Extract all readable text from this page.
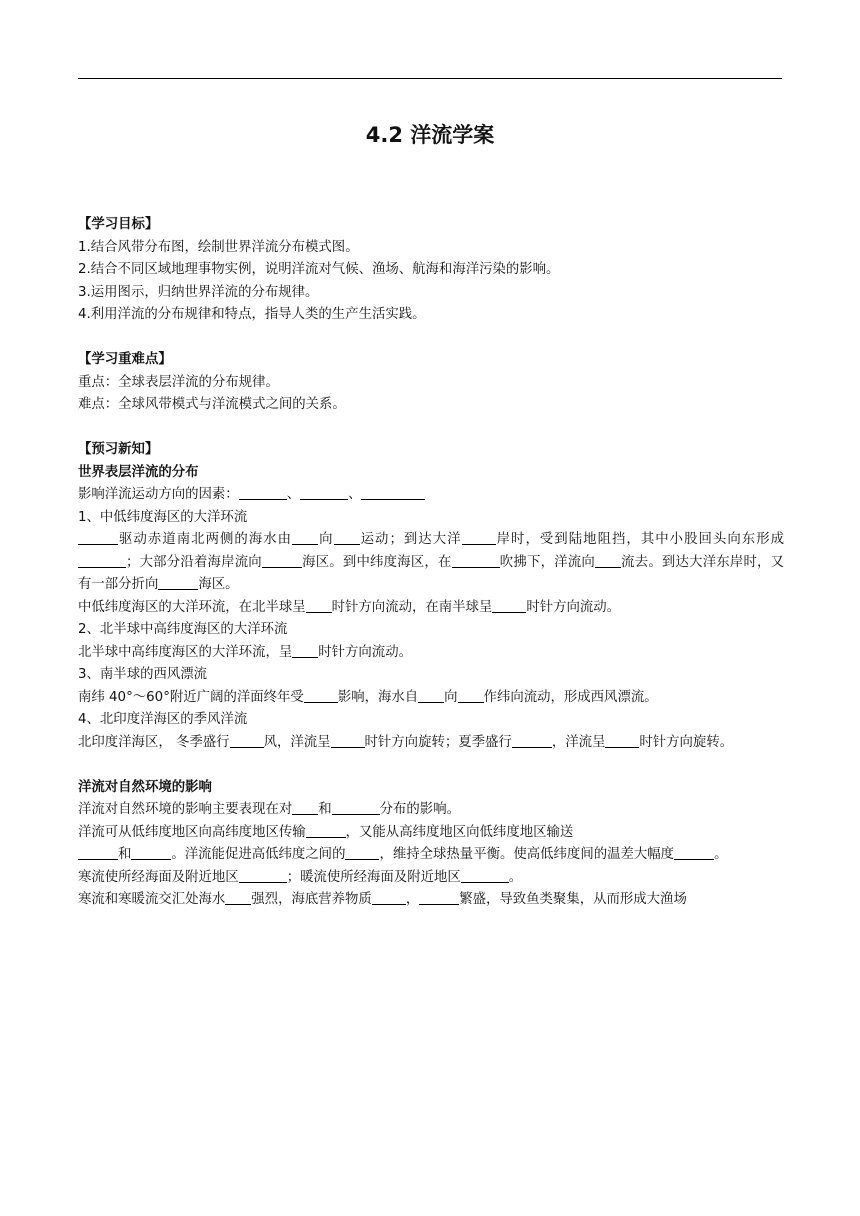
4.2 洋流学案

【学习目标】

1.结合风带分布图，绘制世界洋流分布模式图。

2.结合不同区域地理事物实例，说明洋流对气候、渔场、航海和海洋污染的影响。

3.运用图示，归纳世界洋流的分布规律。

4.利用洋流的分布规律和特点，指导人类的生产生活实践。

【学习重难点】

重点：全球表层洋流的分布规律。

难点：全球风带模式与洋流模式之间的关系。

【预习新知】

世界表层洋流的分布

影响洋流运动方向的因素：	、	、

1、中低纬度海区的大洋环流

驱动赤道南北两侧的海水由 向 运动；到达大洋	岸时，受到陆地阻挡，其中小股回头向东形成；大部分沿着海岸流向	海区。到中纬度海区，在	吹拂下，洋流向 流去。到达大洋东岸时，又有一部分折向	海区。

中低纬度海区的大洋环流，在北半球呈 时针方向流动，在南半球呈	时针方向流动。

2、北半球中高纬度海区的大洋环流

北半球中高纬度海区的大洋环流，呈 时针方向流动。

3、南半球的西风漂流

南纬 40°～60°附近广阔的洋面终年受	影响，海水自 向 作纬向流动，形成西风漂流。

4、北印度洋海区的季风洋流

北印度洋海区， 冬季盛行	风，洋流呈	时针方向旋转；夏季盛行	，洋流呈	时针方向旋转。

洋流对自然环境的影响

洋流对自然环境的影响主要表现在对 和	分布的影响。

洋流可从低纬度地区向高纬度地区传输	，又能从高纬度地区向低纬度地区输送

和	。洋流能促进高低纬度之间的	，维持全球热量平衡。使高低纬度间的温差大幅度	。

寒流使所经海面及附近地区	；暖流使所经海面及附近地区	。

寒流和寒暖流交汇处海水 强烈，海底营养物质	，	繁盛，导致鱼类聚集，从而形成大渔场
